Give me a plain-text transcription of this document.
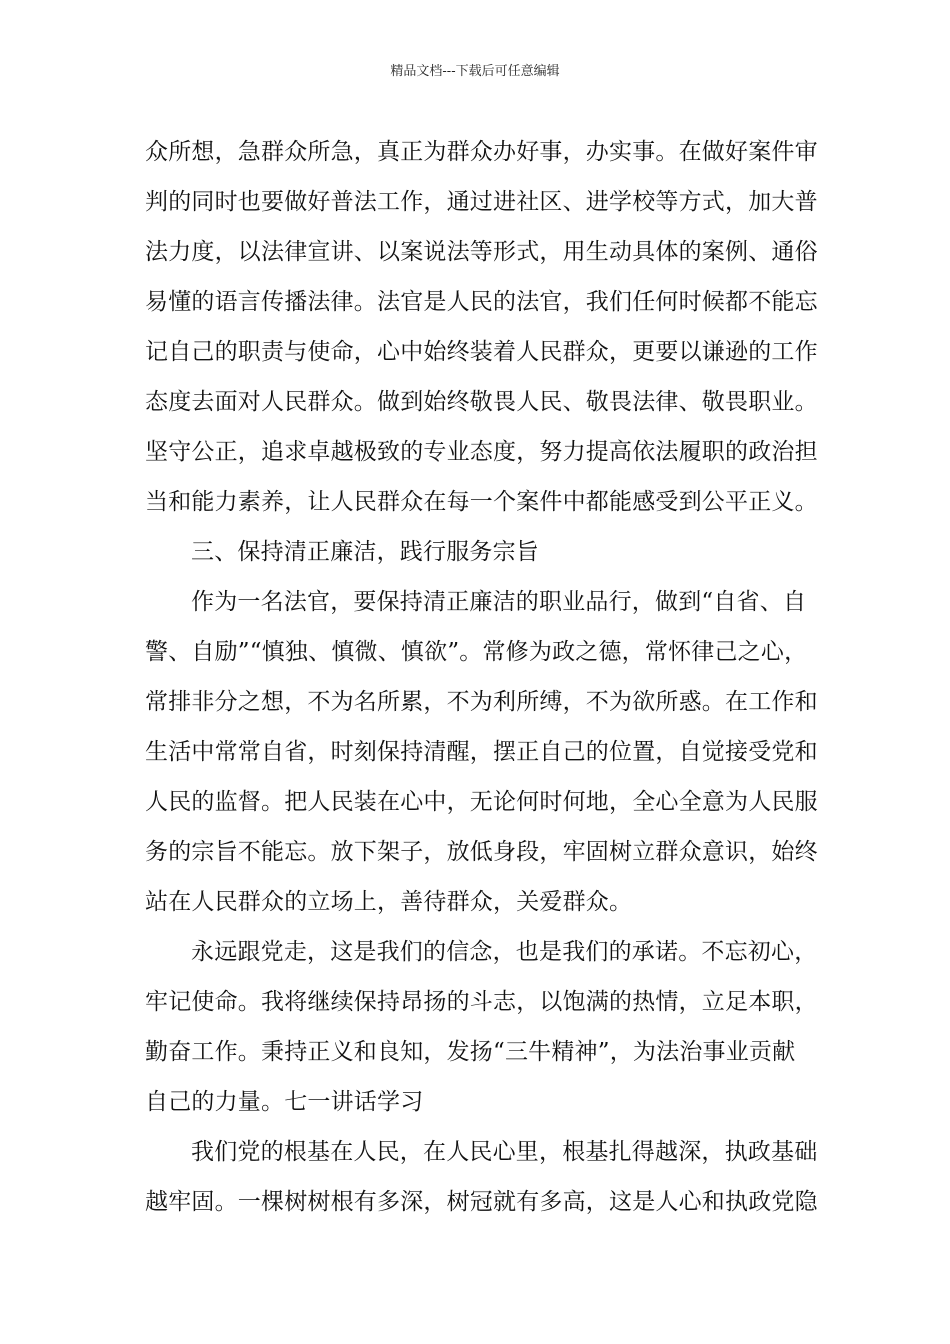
精品文档---下载后可任意编辑
众所想，急群众所急，真正为群众办好事，办实事。在做好案件审
判的同时也要做好普法工作，通过进社区、进学校等方式，加大普
法力度，以法律宣讲、以案说法等形式，用生动具体的案例、通俗
易懂的语言传播法律。法官是人民的法官，我们任何时候都不能忘
记自己的职责与使命，心中始终装着人民群众，更要以谦逊的工作
态度去面对人民群众。做到始终敬畏人民、敬畏法律、敬畏职业。
坚守公正，追求卓越极致的专业态度，努力提高依法履职的政治担
当和能力素养，让人民群众在每一个案件中都能感受到公平正义。
三、保持清正廉洁，践行服务宗旨
作为一名法官，要保持清正廉洁的职业品行，做到“自省、自
警、自励”“慎独、慎微、慎欲”。常修为政之德，常怀律己之心，
常排非分之想，不为名所累，不为利所缚，不为欲所惑。在工作和
生活中常常自省，时刻保持清醒，摆正自己的位置，自觉接受党和
人民的监督。把人民装在心中，无论何时何地，全心全意为人民服
务的宗旨不能忘。放下架子，放低身段，牢固树立群众意识，始终
站在人民群众的立场上，善待群众，关爱群众。
永远跟党走，这是我们的信念，也是我们的承诺。不忘初心，
牢记使命。我将继续保持昂扬的斗志，以饱满的热情，立足本职，
勤奋工作。秉持正义和良知，发扬“三牛精神”，为法治事业贡献
自己的力量。七一讲话学习
我们党的根基在人民，在人民心里，根基扎得越深，执政基础
越牢固。一棵树树根有多深，树冠就有多高，这是人心和执政党隐
